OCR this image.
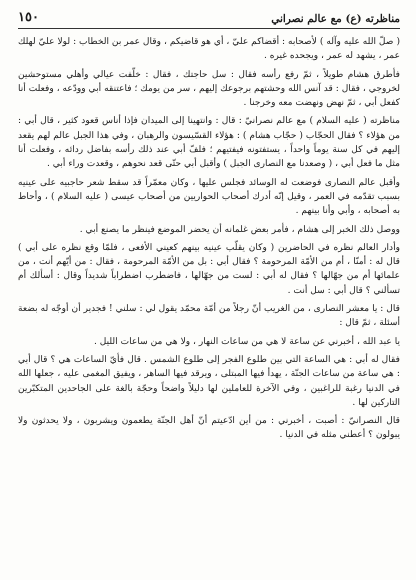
مناظرته (ع) مع عالم نصراني
١٥٠

( صلّ الله عليه وآله ) لأصحابه : أقضاكم عليّ ، أي هو قاضيكم ، وقال عمر بن الخطاب : لولا عليّ لهلك عمر ، يشهد له عمر ، ويجحده غيره .

فأطرق هشام طويلاً ، ثمّ رفع رأسه فقال : سل حاجتك ، فقال : خلّفت عيالي وأهلي مستوحشين لخروجي ، فقال : قد آنس الله وحشتهم برجوعك إليهم ، سر من يومك ؛ فاعتنقه أبي وودّعه ، وفعلت أنا كفعل أبي ، ثمّ نهض ونهضت معه وخرجنا .

مناظرته ( عليه السلام ) مع عالم نصرانيّ : قال : وانتهينا إلى الميدان فإذا أناس قعود كثير ، قال أبي : من هؤلاء ؟ فقال الحجّاب ( حجّاب هشام ) : هؤلاء القسّيسون والرهبان ، وفي هذا الجبل عالم لهم يقعد إليهم في كل سنة يوماً واحداً ، يستفتونه فيفتيهم ؛ فلفّ أبي عند ذلك رأسه بفاضل ردائه ، وفعلت أنا مثل ما فعل أبي ، ( وصعدنا مع النصارى الجبل ) وأقبل أبي حتّى قعد نحوهم ، وقعدت وراء أبي .

وأقبل عالم النصارى فوضعت له الوسائد فجلس عليها ، وكان معمّراً قد سقط شعر حاجبيه على عينيه بسبب تقدّمه في العمر ، وقيل إنّه أدرك أصحاب الحواريين من أصحاب عيسى ( عليه السلام ) ، وأحاط به أصحابه ، وأبي وأنا بينهم .

ووصل ذلك الخبر إلى هشام ، فأمر بعض غلمانه أن يحضر الموضع فينظر ما يصنع أبي .

وأدار العالم نظره في الحاضرين ( وكان يقلّب عينيه بينهم كعيني الأفعى ، فلمّا وقع نظره على أبي ) قال له : أمنّا ، أم من الأمّة المرحومة ؟ فقال أبي : بل من الأمّة المرحومة ، فقال : من أيّهم أنت ، من علمائها أم من جهّالها ؟ فقال له أبي : لست من جهّالها ، فاضطرب اضطراباً شديداً وقال : أسألك أم تسألني ؟ قال أبي : سل أنت .

قال : يا معشر النصارى ، من الغريب أنّ رجلاً من أمّة محمّد يقول لي : سلني ! فجدير أن أوجّه له بضعة أسئلة ، ثمّ قال :

يا عبد الله ، أخبرني عن ساعة لا هي من ساعات النهار ، ولا هي من ساعات الليل .

فقال له أبي : هي الساعة التي بين طلوع الفجر إلى طلوع الشمس . قال فأيّ الساعات هي ؟ قال أبي : هي ساعة من ساعات الجنّة ، يهدأ فيها المبتلى ، ويرقد فيها الساهر ، ويفيق المغمى عليه ، جعلها الله في الدنيا رغبة للراغبين ، وفي الآخرة للعاملين لها دليلاً واضحاً وحجّة بالغة على الجاحدين المتكبّرين التاركين لها .

قال النصرانيّ : أصبت ، أخبرني : من أين ادّعيتم أنّ أهل الجنّة يطعمون ويشربون ، ولا يحدثون ولا يبولون ؟ أعطني مثله في الدنيا .
